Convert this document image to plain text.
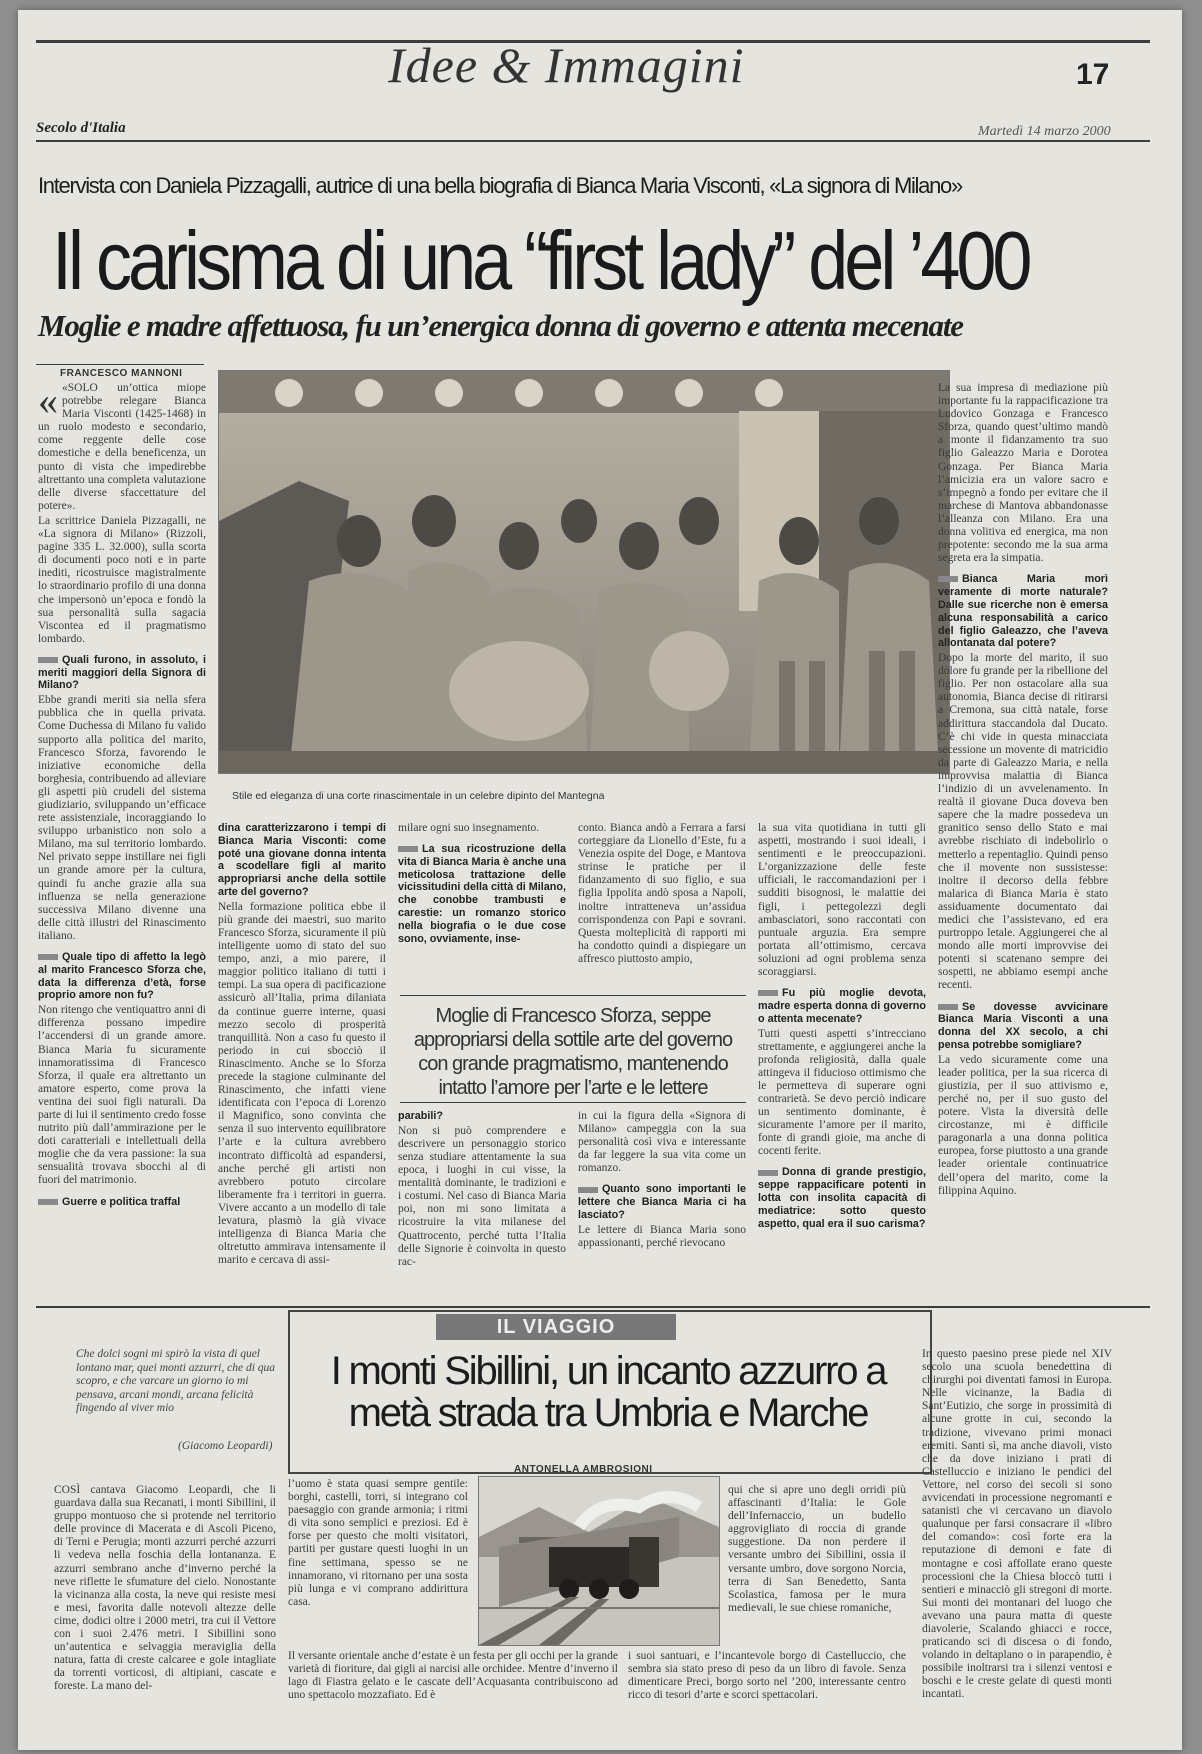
Idee & Immagini	17
Secolo d'Italia	Martedì 14 marzo 2000
Intervista con Daniela Pizzagalli, autrice di una bella biografia di Bianca Maria Visconti, «La signora di Milano»
Il carisma di una “first lady” del ’400
Moglie e madre affettuosa, fu un’energica donna di governo e attenta mecenate
FRANCESCO MANNONI
Stile ed eleganza di una corte rinascimentale in un celebre dipinto del Mantegna

« «SOLO un’ottica miope potrebbe relegare Bianca Maria Visconti (1425-1468) in un ruolo modesto e secondario, come reggente delle cose domestiche e della beneficenza, un punto di vista che impedirebbe altrettanto una completa valutazione delle diverse sfaccettature del potere».

La scrittrice Daniela Pizzagalli, ne «La signora di Milano» (Rizzoli, pagine 335 L. 32.000), sulla scorta di documenti poco noti e in parte inediti, ricostruisce magistralmente lo straordinario profilo di una donna che impersonò un’epoca e fondò la sua personalità sulla sagacia Viscontea ed il pragmatismo lombardo.

Quali furono, in assoluto, i meriti maggiori della Signora di Milano?

Ebbe grandi meriti sia nella sfera pubblica che in quella privata. Come Duchessa di Milano fu valido supporto alla politica del marito, Francesco Sforza, favorendo le iniziative economiche della borghesia, contribuendo ad alleviare gli aspetti più crudeli del sistema giudiziario, sviluppando un’efficace rete assistenziale, incoraggiando lo sviluppo urbanistico non solo a Milano, ma sul territorio lombardo. Nel privato seppe instillare nei figli un grande amore per la cultura, quindi fu anche grazie alla sua influenza se nella generazione successiva Milano divenne una delle città illustri del Rinascimento italiano.

Quale tipo di affetto la legò al marito Francesco Sforza che, data la differenza d’età, forse proprio amore non fu?

Non ritengo che ventiquattro anni di differenza possano impedire l’accendersi di un grande amore. Bianca Maria fu sicuramente innamoratissima di Francesco Sforza, il quale era altrettanto un amatore esperto, come prova la ventina dei suoi figli naturali. Da parte di lui il sentimento credo fosse nutrito più dall’ammirazione per le doti caratteriali e intellettuali della moglie che da vera passione: la sua sensualità trovava sbocchi al di fuori del matrimonio.

Guerre e politica traffal

dina caratterizzarono i tempi di Bianca Maria Visconti: come poté una giovane donna intenta a scodellare figli al marito appropriarsi anche della sottile arte del governo?

Nella formazione politica ebbe il più grande dei maestri, suo marito Francesco Sforza, sicuramente il più intelligente uomo di stato del suo tempo, anzi, a mio parere, il maggior politico italiano di tutti i tempi. La sua opera di pacificazione assicurò all’Italia, prima dilaniata da continue guerre interne, quasi mezzo secolo di prosperità tranquillità. Non a caso fu questo il periodo in cui sbocciò il Rinascimento. Anche se lo Sforza precede la stagione culminante del Rinascimento, che infatti viene identificata con l’epoca di Lorenzo il Magnifico, sono convinta che senza il suo intervento equilibratore l’arte e la cultura avrebbero incontrato difficoltà ad espandersi, anche perché gli artisti non avrebbero potuto circolare liberamente fra i territori in guerra. Vivere accanto a un modello di tale levatura, plasmò la già vivace intelligenza di Bianca Maria che oltretutto ammirava intensamente il marito e cercava di assi-

milare ogni suo insegnamento.

La sua ricostruzione della vita di Bianca Maria è anche una meticolosa trattazione delle vicissitudini della città di Milano, che conobbe trambusti e carestie: un romanzo storico nella biografia o le due cose sono, ovviamente, inse-

parabili?

Non si può comprendere e descrivere un personaggio storico senza studiare attentamente la sua epoca, i luoghi in cui visse, la mentalità dominante, le tradizioni e i costumi. Nel caso di Bianca Maria poi, non mi sono limitata a ricostruire la vita milanese del Quattrocento, perché tutta l’Italia delle Signorie è coinvolta in questo rac-

conto. Bianca andò a Ferrara a farsi corteggiare da Lionello d’Este, fu a Venezia ospite del Doge, e Mantova strinse le pratiche per il fidanzamento di suo figlio, e sua figlia Ippolita andò sposa a Napoli, inoltre intratteneva un’assidua corrispondenza con Papi e sovrani. Questa molteplicità di rapporti mi ha condotto quindi a dispiegare un affresco piuttosto ampio,

in cui la figura della «Signora di Milano» campeggia con la sua personalità così viva e interessante da far leggere la sua vita come un romanzo.

Quanto sono importanti le lettere che Bianca Maria ci ha lasciato?

Le lettere di Bianca Maria sono appassionanti, perché rievocano

Moglie di Francesco Sforza, seppe appropriarsi della sottile arte del governo con grande pragmatismo, mantenendo intatto l’amore per l’arte e le lettere

la sua vita quotidiana in tutti gli aspetti, mostrando i suoi ideali, i sentimenti e le preoccupazioni. L’organizzazione delle feste ufficiali, le raccomandazioni per i sudditi bisognosi, le malattie dei figli, i pettegolezzi degli ambasciatori, sono raccontati con puntuale arguzia. Era sempre portata all’ottimismo, cercava soluzioni ad ogni problema senza scoraggiarsi.

Fu più moglie devota, madre esperta donna di governo o attenta mecenate?

Tutti questi aspetti s’intrecciano strettamente, e aggiungerei anche la profonda religiosità, dalla quale attingeva il fiducioso ottimismo che le permetteva di superare ogni contrarietà. Se devo perciò indicare un sentimento dominante, è sicuramente l’amore per il marito, fonte di grandi gioie, ma anche di cocenti ferite.

Donna di grande prestigio, seppe rappacificare potenti in lotta con insolita capacità di mediatrice: sotto questo aspetto, qual era il suo carisma?

La sua impresa di mediazione più importante fu la rappacificazione tra Ludovico Gonzaga e Francesco Sforza, quando quest’ultimo mandò a monte il fidanzamento tra suo figlio Galeazzo Maria e Dorotea Gonzaga. Per Bianca Maria l’amicizia era un valore sacro e s’impegnò a fondo per evitare che il marchese di Mantova abbandonasse l’alleanza con Milano. Era una donna volitiva ed energica, ma non prepotente: secondo me la sua arma segreta era la simpatia.

Bianca Maria morì veramente di morte naturale? Dalle sue ricerche non è emersa alcuna responsabilità a carico del figlio Galeazzo, che l’aveva allontanata dal potere?

Dopo la morte del marito, il suo dolore fu grande per la ribellione del figlio. Per non ostacolare alla sua autonomia, Bianca decise di ritirarsi a Cremona, sua città natale, forse addirittura staccandola dal Ducato. C’è chi vide in questa minacciata secessione un movente di matricidio da parte di Galeazzo Maria, e nella improvvisa malattia di Bianca l’indizio di un avvelenamento. In realtà il giovane Duca doveva ben sapere che la madre possedeva un granitico senso dello Stato e mai avrebbe rischiato di indebolirlo o metterlo a repentaglio. Quindi penso che il movente non sussistesse: inoltre il decorso della febbre malarica di Bianca Maria è stato assiduamente documentato dai medici che l’assistevano, ed era purtroppo letale. Aggiungerei che al mondo alle morti improvvise dei potenti si scatenano sempre dei sospetti, ne abbiamo esempi anche recenti.

Se dovesse avvicinare Bianca Maria Visconti a una donna del XX secolo, a chi pensa potrebbe somigliare?

La vedo sicuramente come una leader politica, per la sua ricerca di giustizia, per il suo attivismo e, perché no, per il suo gusto del potere. Vista la diversità delle circostanze, mi è difficile paragonarla a una donna politica europea, forse piuttosto a una grande leader orientale continuatrice dell’opera del marito, come la filippina Aquino.

IL VIAGGIO
I monti Sibillini, un incanto azzurro a metà strada tra Umbria e Marche
ANTONELLA AMBROSIONI
Che dolci sogni mi spirò la vista di quel lontano mar, quei monti azzurri, che di qua scopro, e che varcare un giorno io mi pensava, arcani mondi, arcana felicità fingendo al viver mio
(Giacomo Leopardi)

COSÌ cantava Giacomo Leopardi, che li guardava dalla sua Recanati, i monti Sibillini, il gruppo montuoso che si protende nel territorio delle province di Macerata e di Ascoli Piceno, di Terni e Perugia; monti azzurri perché azzurri li vedeva nella foschia della lontananza. E azzurri sembrano anche d’inverno perché la neve riflette le sfumature del cielo. Nonostante la vicinanza alla costa, la neve qui resiste mesi e mesi, favorita dalle notevoli altezze delle cime, dodici oltre i 2000 metri, tra cui il Vettore con i suoi 2.476 metri. I Sibillini sono un’autentica e selvaggia meraviglia della natura, fatta di creste calcaree e gole intagliate da torrenti vorticosi, di altipiani, cascate e foreste. La mano del-

l’uomo è stata quasi sempre gentile: borghi, castelli, torri, si integrano col paesaggio con grande armonia; i ritmi di vita sono semplici e preziosi. Ed è forse per questo che molti visitatori, partiti per gustare questi luoghi in un fine settimana, spesso se ne innamorano, vi ritornano per una sosta più lunga e vi comprano addirittura casa.

Il versante orientale anche d’estate è un festa per gli occhi per la grande varietà di fioriture, dai gigli ai narcisi alle orchidee. Mentre d’inverno il lago di Fiastra gelato e le cascate dell’Acquasanta contribuiscono ad uno spettacolo mozzafiato. Ed è

qui che si apre uno degli orridi più affascinanti d’Italia: le Gole dell’Infernaccio, un budello aggrovigliato di roccia di grande suggestione. Da non perdere il versante umbro dei Sibillini, ossia il versante umbro, dove sorgono Norcia, terra di San Benedetto, Santa Scolastica, famosa per le mura medievali, le sue chiese romaniche,

i suoi santuari, e l’incantevole borgo di Castelluccio, che sembra sia stato preso di peso da un libro di favole. Senza dimenticare Preci, borgo sorto nel ’200, interessante centro ricco di tesori d’arte e scorci spettacolari.

In questo paesino prese piede nel XIV secolo una scuola benedettina di chirurghi poi diventati famosi in Europa. Nelle vicinanze, la Badia di Sant’Eutizio, che sorge in prossimità di alcune grotte in cui, secondo la tradizione, vivevano primi monaci eremiti. Santi sì, ma anche diavoli, visto che da dove iniziano i prati di Castelluccio e iniziano le pendici del Vettore, nel corso dei secoli si sono avvicendati in processione negromanti e satanisti che vi cercavano un diavolo qualunque per farsi consacrare il «libro del comando»: così forte era la reputazione di demoni e fate di montagne e così affollate erano queste processioni che la Chiesa bloccò tutti i sentieri e minacciò gli stregoni di morte. Sui monti dei montanari del luogo che avevano una paura matta di queste diavolerie, Scalando ghiacci e rocce, praticando sci di discesa o di fondo, volando in deltaplano o in parapendio, è possibile inoltrarsi tra i silenzi ventosi e boschi e le creste gelate di questi monti incantati.
